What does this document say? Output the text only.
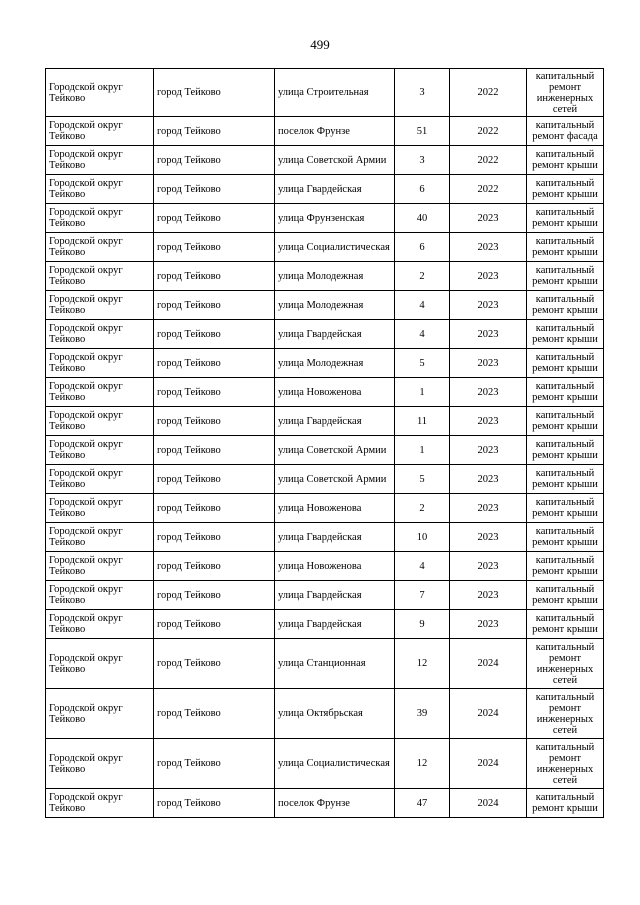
499
Городской округ Тейково	город Тейково	улица Строительная	3	2022	капитальный ремонт инженерных сетей
Городской округ Тейково	город Тейково	поселок Фрунзе	51	2022	капитальный ремонт фасада
Городской округ Тейково	город Тейково	улица Советской Армии	3	2022	капитальный ремонт крыши
Городской округ Тейково	город Тейково	улица Гвардейская	6	2022	капитальный ремонт крыши
Городской округ Тейково	город Тейково	улица Фрунзенская	40	2023	капитальный ремонт крыши
Городской округ Тейково	город Тейково	улица Социалистическая	6	2023	капитальный ремонт крыши
Городской округ Тейково	город Тейково	улица Молодежная	2	2023	капитальный ремонт крыши
Городской округ Тейково	город Тейково	улица Молодежная	4	2023	капитальный ремонт крыши
Городской округ Тейково	город Тейково	улица Гвардейская	4	2023	капитальный ремонт крыши
Городской округ Тейково	город Тейково	улица Молодежная	5	2023	капитальный ремонт крыши
Городской округ Тейково	город Тейково	улица Новоженова	1	2023	капитальный ремонт крыши
Городской округ Тейково	город Тейково	улица Гвардейская	11	2023	капитальный ремонт крыши
Городской округ Тейково	город Тейково	улица Советской Армии	1	2023	капитальный ремонт крыши
Городской округ Тейково	город Тейково	улица Советской Армии	5	2023	капитальный ремонт крыши
Городской округ Тейково	город Тейково	улица Новоженова	2	2023	капитальный ремонт крыши
Городской округ Тейково	город Тейково	улица Гвардейская	10	2023	капитальный ремонт крыши
Городской округ Тейково	город Тейково	улица Новоженова	4	2023	капитальный ремонт крыши
Городской округ Тейково	город Тейково	улица Гвардейская	7	2023	капитальный ремонт крыши
Городской округ Тейково	город Тейково	улица Гвардейская	9	2023	капитальный ремонт крыши
Городской округ Тейково	город Тейково	улица Станционная	12	2024	капитальный ремонт инженерных сетей
Городской округ Тейково	город Тейково	улица Октябрьская	39	2024	капитальный ремонт инженерных сетей
Городской округ Тейково	город Тейково	улица Социалистическая	12	2024	капитальный ремонт инженерных сетей
Городской округ Тейково	город Тейково	поселок Фрунзе	47	2024	капитальный ремонт крыши
